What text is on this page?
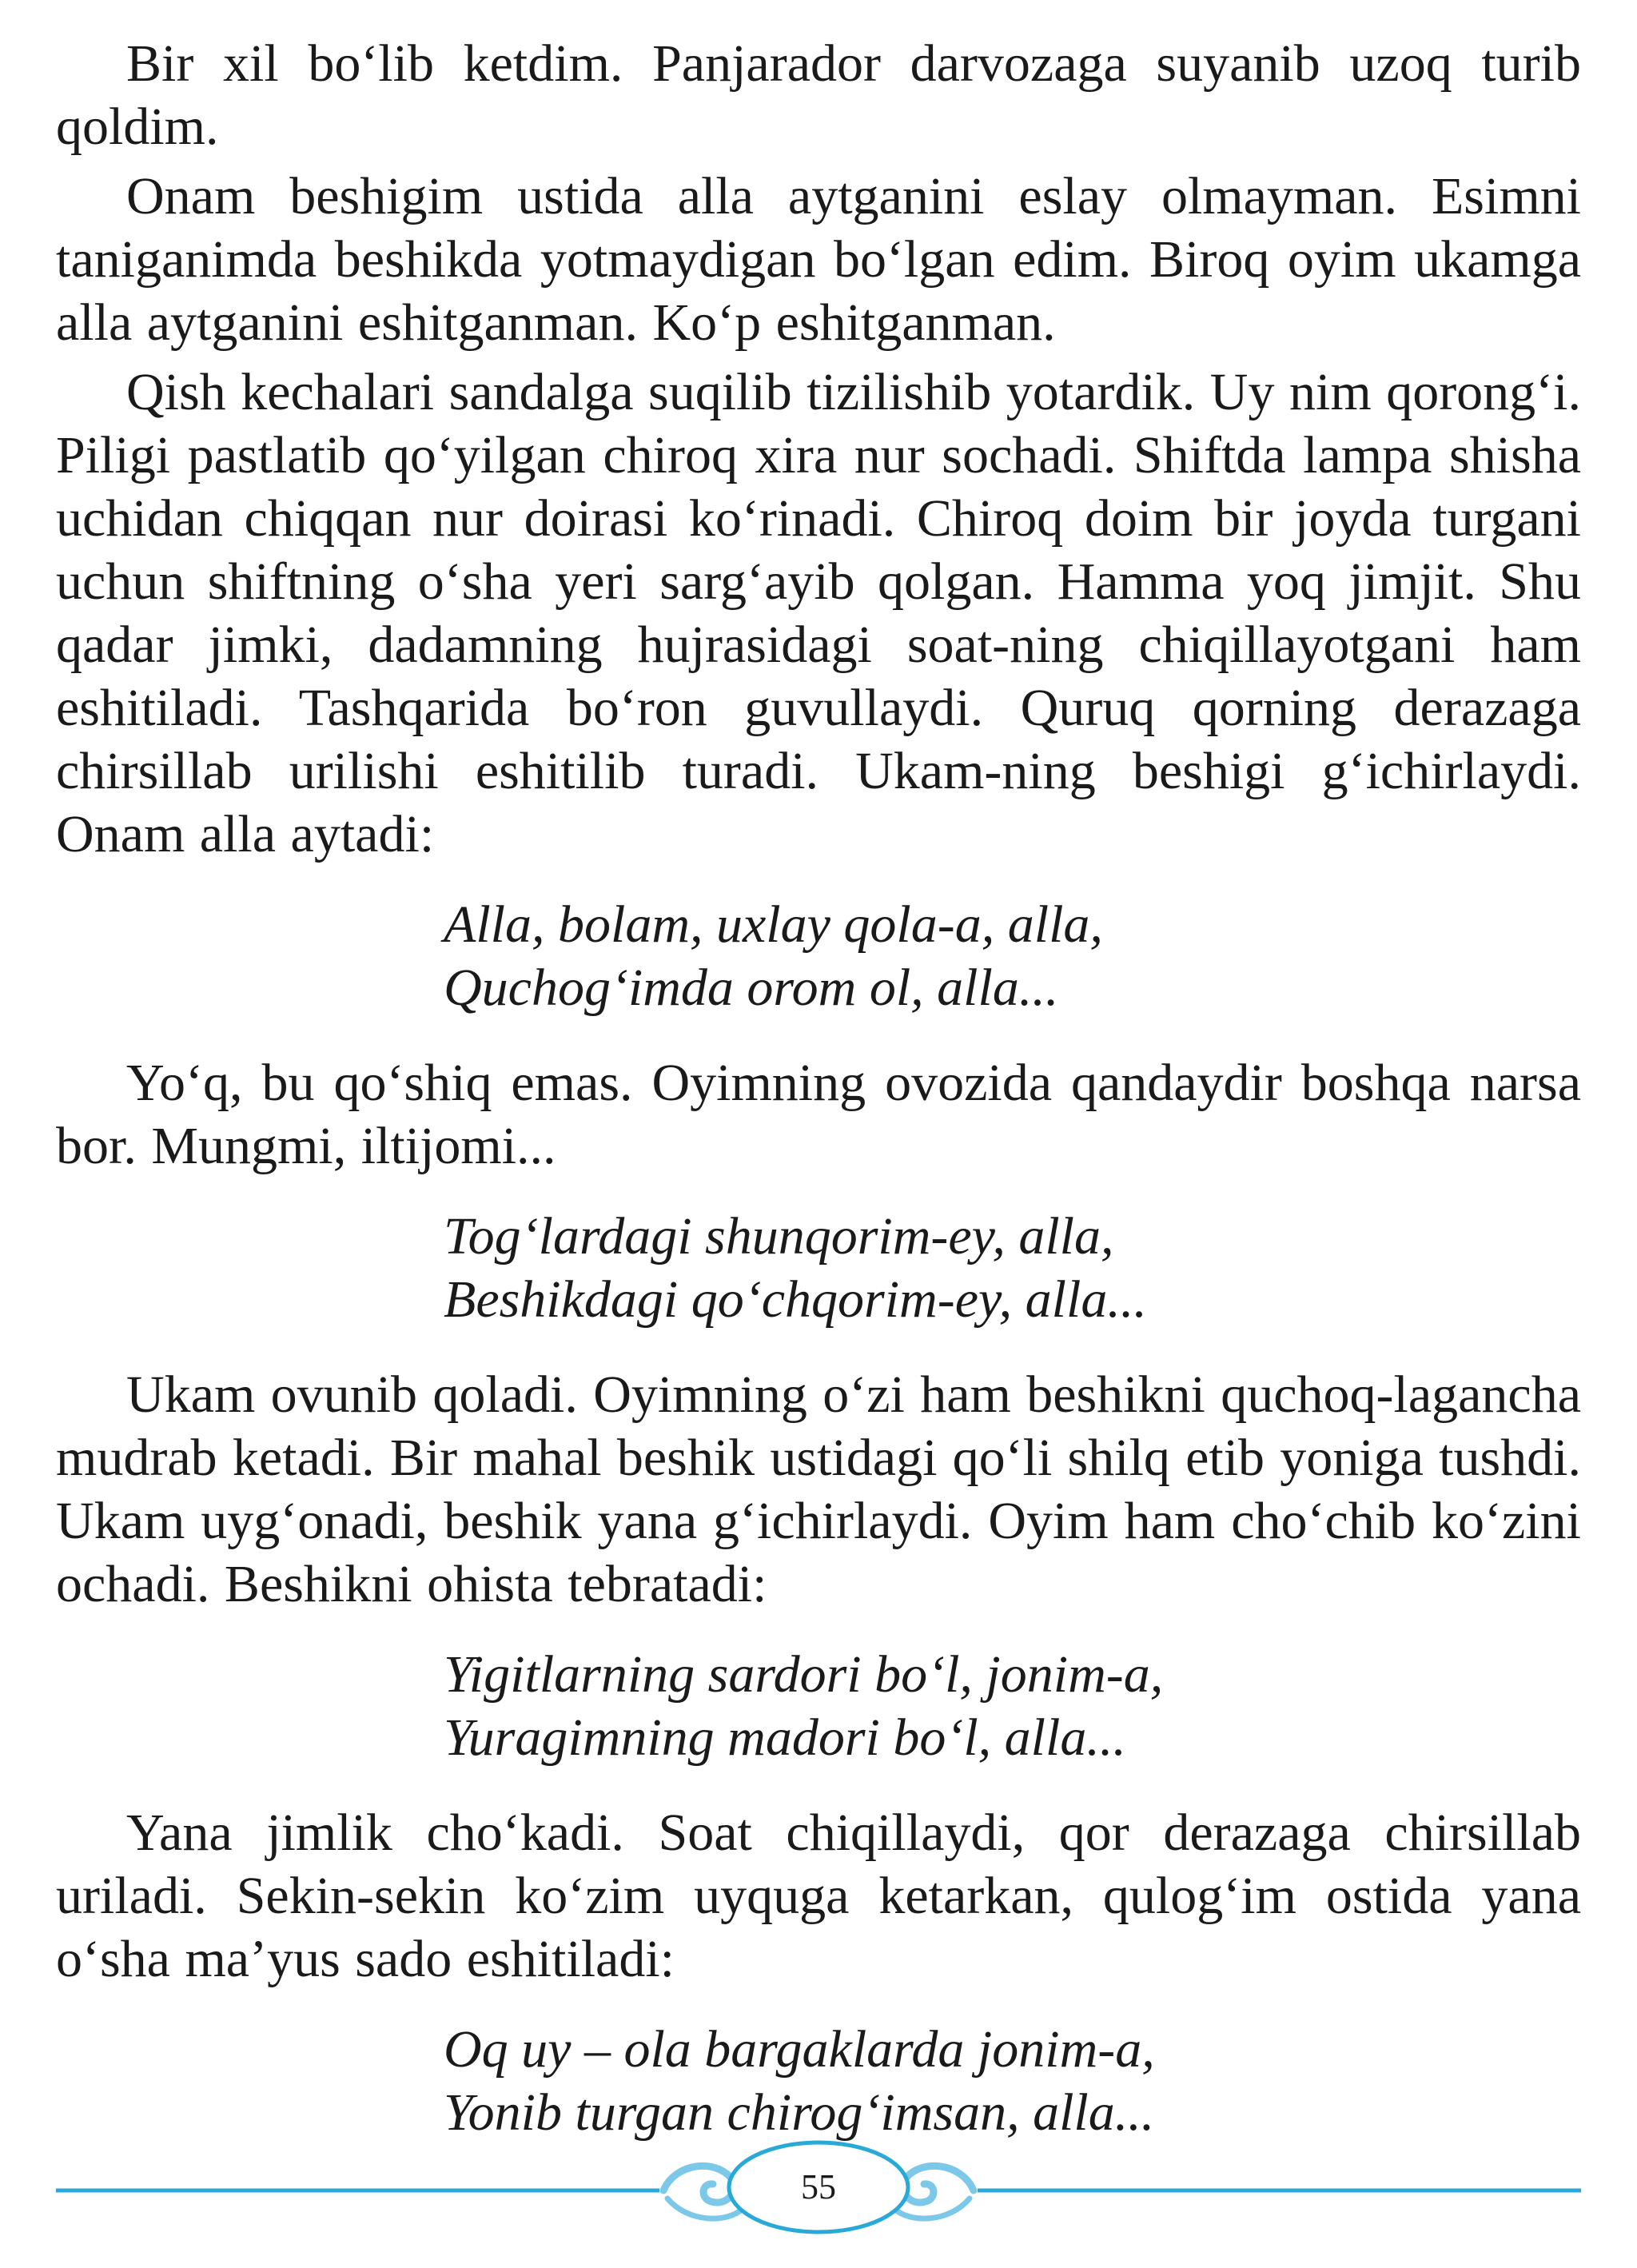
Bir xil bo‘lib ketdim. Panjarador darvozaga suyanib uzoq turib qoldim.

Onam beshigim ustida alla aytganini eslay olmayman. Esimni taniganimda beshikda yotmaydigan bo‘lgan edim. Biroq oyim ukamga alla aytganini eshitganman. Ko‘p eshitganman.

Qish kechalari sandalga suqilib tizilishib yotardik. Uy nim qorong‘i. Piligi pastlatib qo‘yilgan chiroq xira nur sochadi. Shiftda lampa shisha uchidan chiqqan nur doirasi ko‘rinadi. Chiroq doim bir joyda turgani uchun shiftning o‘sha yeri sarg‘ayib qolgan. Hamma yoq jimjit. Shu qadar jimki, dadamning hujrasidagi soat-ning chiqillayotgani ham eshitiladi. Tashqarida bo‘ron guvullaydi. Quruq qorning derazaga chirsillab urilishi eshitilib turadi. Ukam-ning beshigi g‘ichirlaydi. Onam alla aytadi:

Alla, bolam, uxlay qola-a, alla,
Quchog‘imda orom ol, alla...

Yo‘q, bu qo‘shiq emas. Oyimning ovozida qandaydir boshqa narsa bor. Mungmi, iltijomi...

Tog‘lardagi shunqorim-ey, alla,
Beshikdagi qo‘chqorim-ey, alla...

Ukam ovunib qoladi. Oyimning o‘zi ham beshikni quchoq-lagancha mudrab ketadi. Bir mahal beshik ustidagi qo‘li shilq etib yoniga tushdi. Ukam uyg‘onadi, beshik yana g‘ichirlaydi. Oyim ham cho‘chib ko‘zini ochadi. Beshikni ohista tebratadi:

Yigitlarning sardori bo‘l, jonim-a,
Yuragimning madori bo‘l, alla...

Yana jimlik cho‘kadi. Soat chiqillaydi, qor derazaga chirsillab uriladi. Sekin-sekin ko‘zim uyquga ketarkan, qulog‘im ostida yana o‘sha ma’yus sado eshitiladi:

Oq uy – ola bargaklarda jonim-a,
Yonib turgan chirog‘imsan, alla...
55
